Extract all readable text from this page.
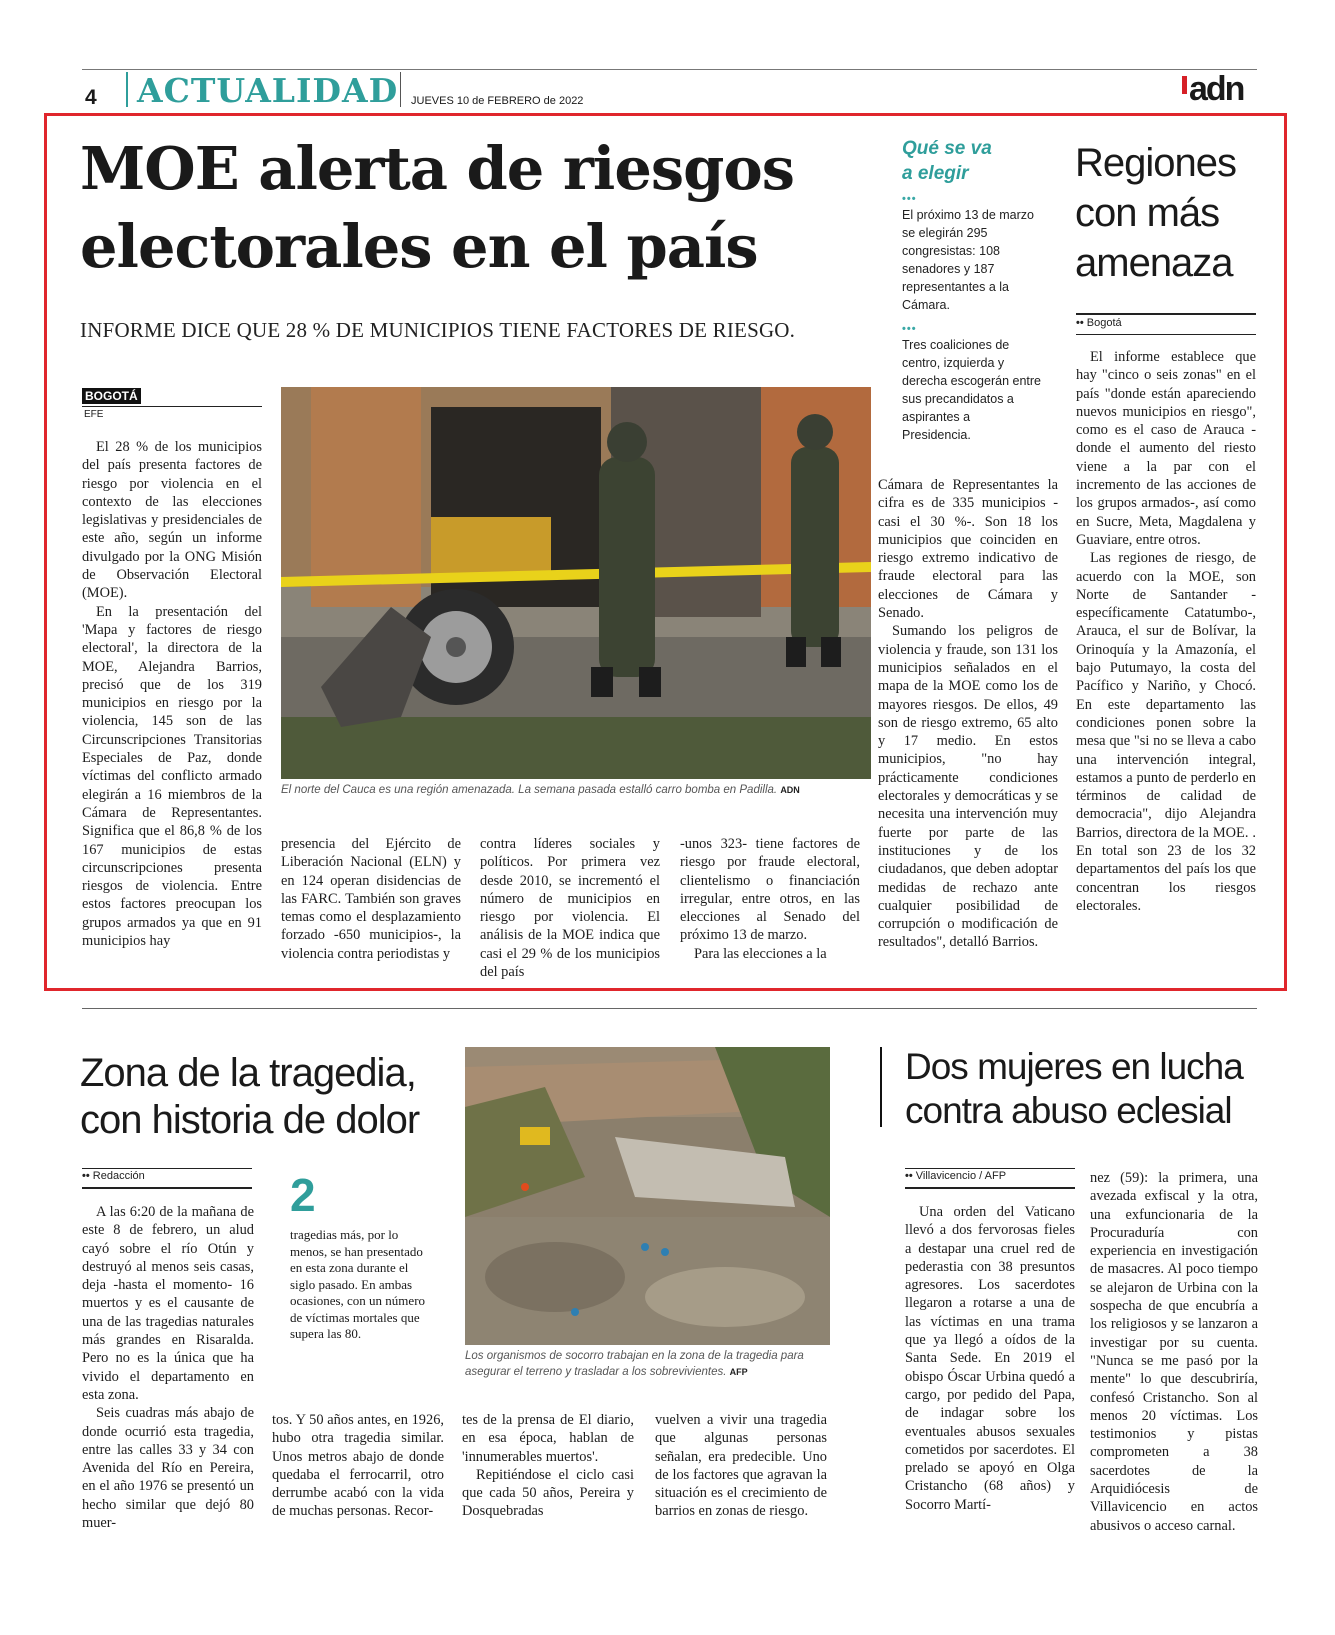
4 ACTUALIDAD JUEVES 10 de FEBRERO de 2022	adn
MOE alerta de riesgos
electorales en el país
INFORME DICE QUE 28 % DE MUNICIPIOS TIENE FACTORES DE RIESGO.
BOGOTÁ
EFE

El 28 % de los municipios del país presenta factores de riesgo por violencia en el contexto de las elecciones legislativas y presidenciales de este año, según un informe divulgado por la ONG Misión de Observación Electoral (MOE).

En la presentación del 'Mapa y factores de riesgo electoral', la directora de la MOE, Alejandra Barrios, precisó que de los 319 municipios en riesgo por la violencia, 145 son de las Circunscripciones Transitorias Especiales de Paz, donde víctimas del conflicto armado elegirán a 16 miembros de la Cámara de Representantes. Significa que el 86,8 % de los 167 municipios de estas circunscripciones presenta riesgos de violencia. Entre estos factores preocupan los grupos armados ya que en 91 municipios hay

El norte del Cauca es una región amenazada. La semana pasada estalló carro bomba en Padilla. ADN
presencia del Ejército de Liberación Nacional (ELN) y en 124 operan disidencias de las FARC. También son graves temas como el desplazamiento forzado -650 municipios-, la violencia contra periodistas y
contra líderes sociales y políticos. Por primera vez desde 2010, se incrementó el número de municipios en riesgo por violencia. El análisis de la MOE indica que casi el 29 % de los municipios del país

-unos 323- tiene factores de riesgo por fraude electoral, clientelismo o financiación irregular, entre otros, en las elecciones al Senado del próximo 13 de marzo.

Para las elecciones a la

Cámara de Representantes la cifra es de 335 municipios -casi el 30 %-. Son 18 los municipios que coinciden en riesgo extremo indicativo de fraude electoral para las elecciones de Cámara y Senado.

Sumando los peligros de violencia y fraude, son 131 los municipios señalados en el mapa de la MOE como los de mayores riesgos. De ellos, 49 son de riesgo extremo, 65 alto y 17 medio. En estos municipios, "no hay prácticamente condiciones electorales y democráticas y se necesita una intervención muy fuerte por parte de las instituciones y de los ciudadanos, que deben adoptar medidas de rechazo ante cualquier posibilidad de corrupción o modificación de resultados", detalló Barrios.

Qué se va
a elegir
•••
El próximo 13 de marzo se elegirán 295 congresistas: 108 senadores y 187 representantes a la Cámara.
•••
Tres coaliciones de centro, izquierda y derecha escogerán entre sus precandidatos a aspirantes a Presidencia.
Regiones
con más
amenaza
•• Bogotá

El informe establece que hay "cinco o seis zonas" en el país "donde están apareciendo nuevos municipios en riesgo", como es el caso de Arauca -donde el aumento del riesto viene a la par con el incremento de las acciones de los grupos armados-, así como en Sucre, Meta, Magdalena y Guaviare, entre otros.

Las regiones de riesgo, de acuerdo con la MOE, son Norte de Santander -específicamente Catatumbo-, Arauca, el sur de Bolívar, la Orinoquía y la Amazonía, el bajo Putumayo, la costa del Pacífico y Nariño, y Chocó. En este departamento las condiciones ponen sobre la mesa que "si no se lleva a cabo una intervención integral, estamos a punto de perderlo en términos de calidad de democracia", dijo Alejandra Barrios, directora de la MOE. . En total son 23 de los 32 departamentos del país los que concentran los riesgos electorales.

Zona de la tragedia,
con historia de dolor
•• Redacción

A las 6:20 de la mañana de este 8 de febrero, un alud cayó sobre el río Otún y destruyó al menos seis casas, deja -hasta el momento- 16 muertos y es el causante de una de las tragedias naturales más grandes en Risaralda. Pero no es la única que ha vivido el departamento en esta zona.

Seis cuadras más abajo de donde ocurrió esta tragedia, entre las calles 33 y 34 con Avenida del Río en Pereira, en el año 1976 se presentó un hecho similar que dejó 80 muer-

2
tragedias más, por lo menos, se han presentado en esta zona durante el siglo pasado. En ambas ocasiones, con un número de víctimas mortales que supera las 80.
Los organismos de socorro trabajan en la zona de la tragedia para asegurar el terreno y trasladar a los sobrevivientes. AFP
tos. Y 50 años antes, en 1926, hubo otra tragedia similar. Unos metros abajo de donde quedaba el ferrocarril, otro derrumbe acabó con la vida de muchas personas. Recor-

tes de la prensa de El diario, en esa época, hablan de 'innumerables muertos'.

Repitiéndose el ciclo casi que cada 50 años, Pereira y Dosquebradas

vuelven a vivir una tragedia que algunas personas señalan, era predecible. Uno de los factores que agravan la situación es el crecimiento de barrios en zonas de riesgo.
Dos mujeres en lucha
contra abuso eclesial
•• Villavicencio / AFP

Una orden del Vaticano llevó a dos fervorosas fieles a destapar una cruel red de pederastia con 38 presuntos agresores. Los sacerdotes llegaron a rotarse a una de las víctimas en una trama que ya llegó a oídos de la Santa Sede. En 2019 el obispo Óscar Urbina quedó a cargo, por pedido del Papa, de indagar sobre los eventuales abusos sexuales cometidos por sacerdotes. El prelado se apoyó en Olga Cristancho (68 años) y Socorro Martí-

nez (59): la primera, una avezada exfiscal y la otra, una exfuncionaria de la Procuraduría con experiencia en investigación de masacres. Al poco tiempo se alejaron de Urbina con la sospecha de que encubría a los religiosos y se lanzaron a investigar por su cuenta. "Nunca se me pasó por la mente" lo que descubriría, confesó Cristancho. Son al menos 20 víctimas. Los testimonios y pistas comprometen a 38 sacerdotes de la Arquidiócesis de Villavicencio en actos abusivos o acceso carnal.
